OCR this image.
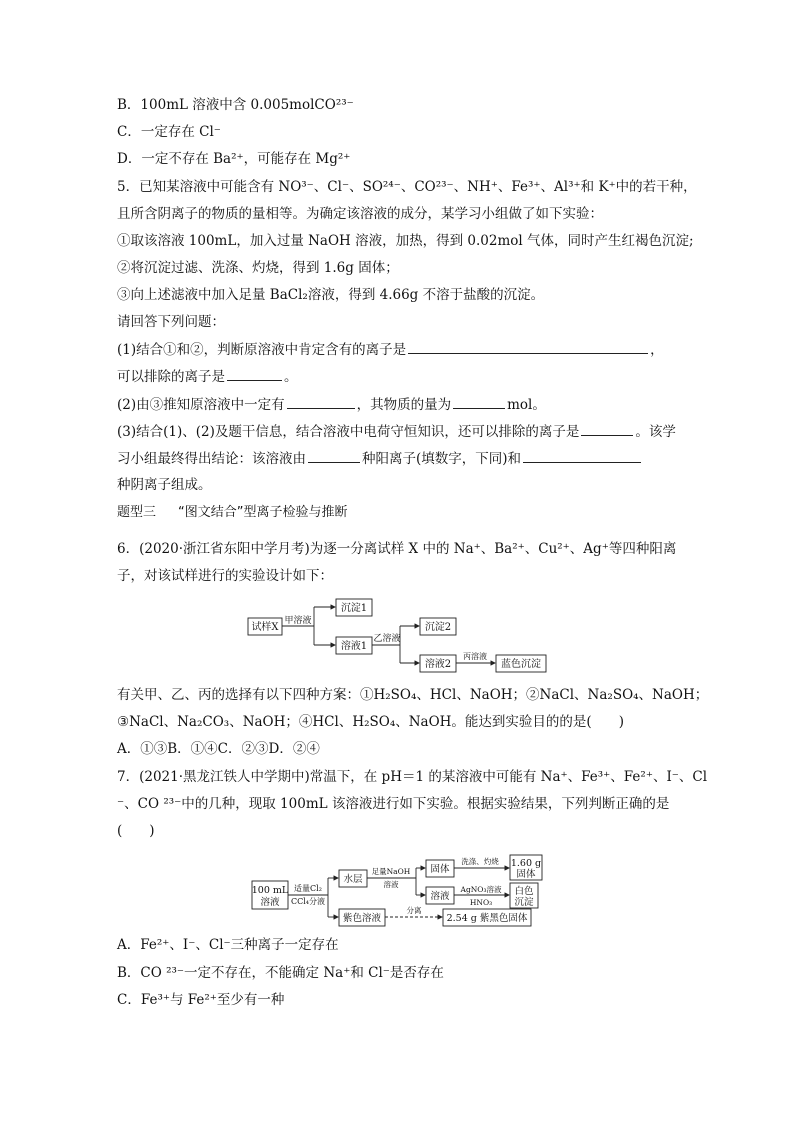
B．100mL 溶液中含 0.005molCO²³⁻
C．一定存在 Cl⁻
D．一定不存在 Ba²⁺，可能存在 Mg²⁺
5．已知某溶液中可能含有 NO³⁻、Cl⁻、SO²⁴⁻、CO²³⁻、NH⁺、Fe³⁺、Al³⁺和 K⁺中的若干种，
且所含阴离子的物质的量相等。为确定该溶液的成分，某学习小组做了如下实验：
①取该溶液 100mL，加入过量 NaOH 溶液，加热，得到 0.02mol 气体，同时产生红褐色沉淀;
②将沉淀过滤、洗涤、灼烧，得到 1.6g 固体；
③向上述滤液中加入足量 BaCl₂溶液，得到 4.66g 不溶于盐酸的沉淀。
请回答下列问题：
(1)结合①和②，判断原溶液中肯定含有的离子是	，
可以排除的离子是	。
(2)由③推知原溶液中一定有	，其物质的量为	mol。
(3)结合(1)、(2)及题干信息，结合溶液中电荷守恒知识，还可以排除的离子是	。该学
习小组最终得出结论：该溶液由	种阳离子(填数字，下同)和
种阴离子组成。
题型三 “图文结合”型离子检验与推断
6．(2020·浙江省东阳中学月考)为逐一分离试样 X 中的 Na⁺、Ba²⁺、Cu²⁺、Ag⁺等四种阳离
子，对该试样进行的实验设计如下：
试样X
甲溶液
沉淀1
溶液1
乙溶液
沉淀2
溶液2
丙溶液
蓝色沉淀
有关甲、乙、丙的选择有以下四种方案：①H₂SO₄、HCl、NaOH；②NaCl、Na₂SO₄、NaOH；
③NaCl、Na₂CO₃、NaOH；④HCl、H₂SO₄、NaOH。能达到实验目的的是(　　)
A．①③B．①④C．②③D．②④
7．(2021·黑龙江铁人中学期中)常温下，在 pH＝1 的某溶液中可能有 Na⁺、Fe³⁺、Fe²⁺、I⁻、Cl
⁻、CO ²³⁻中的几种，现取 100mL 该溶液进行如下实验。根据实验结果，下列判断正确的是
(　　)
100 mL
溶液
适量Cl₂
CCl₄分液
水层
足量NaOH
溶液
固体
洗涤、灼烧 1.60 g
固体
溶液
AgNO₃溶液
HNO₃
白色
沉淀
紫色溶液
分离
2.54 g 紫黑色固体
A．Fe²⁺、I⁻、Cl⁻三种离子一定存在
B．CO ²³⁻一定不存在，不能确定 Na⁺和 Cl⁻是否存在
C．Fe³⁺与 Fe²⁺至少有一种
